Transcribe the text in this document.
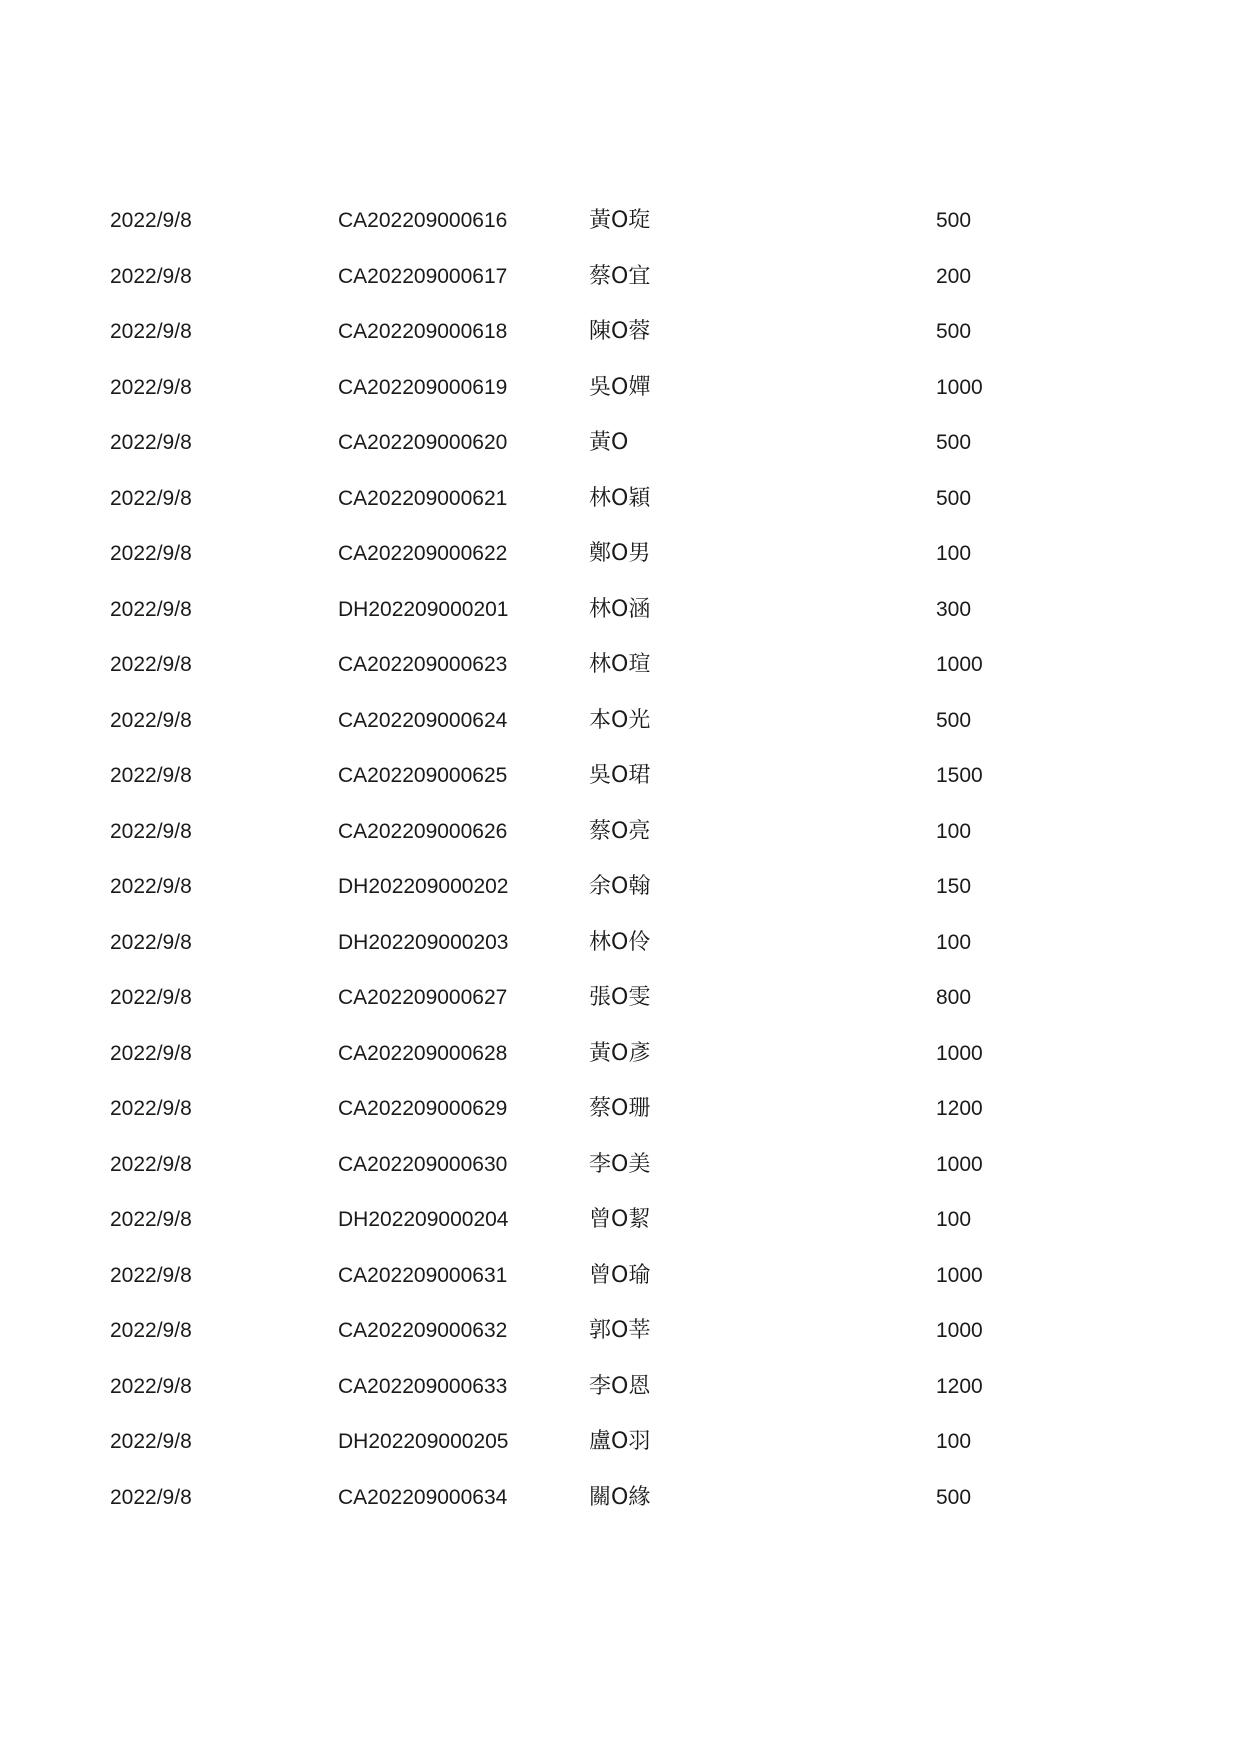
2022/9/8	CA202209000616	黃O琁	500
2022/9/8	CA202209000617	蔡O宜	200
2022/9/8	CA202209000618	陳O蓉	500
2022/9/8	CA202209000619	吳O嬋	1000
2022/9/8	CA202209000620	黃O	500
2022/9/8	CA202209000621	林O穎	500
2022/9/8	CA202209000622	鄭O男	100
2022/9/8	DH202209000201	林O涵	300
2022/9/8	CA202209000623	林O瑄	1000
2022/9/8	CA202209000624	本O光	500
2022/9/8	CA202209000625	吳O珺	1500
2022/9/8	CA202209000626	蔡O亮	100
2022/9/8	DH202209000202	余O翰	150
2022/9/8	DH202209000203	林O伶	100
2022/9/8	CA202209000627	張O雯	800
2022/9/8	CA202209000628	黃O彥	1000
2022/9/8	CA202209000629	蔡O珊	1200
2022/9/8	CA202209000630	李O美	1000
2022/9/8	DH202209000204	曾O絜	100
2022/9/8	CA202209000631	曾O瑜	1000
2022/9/8	CA202209000632	郭O莘	1000
2022/9/8	CA202209000633	李O恩	1200
2022/9/8	DH202209000205	盧O羽	100
2022/9/8	CA202209000634	關O緣	500
